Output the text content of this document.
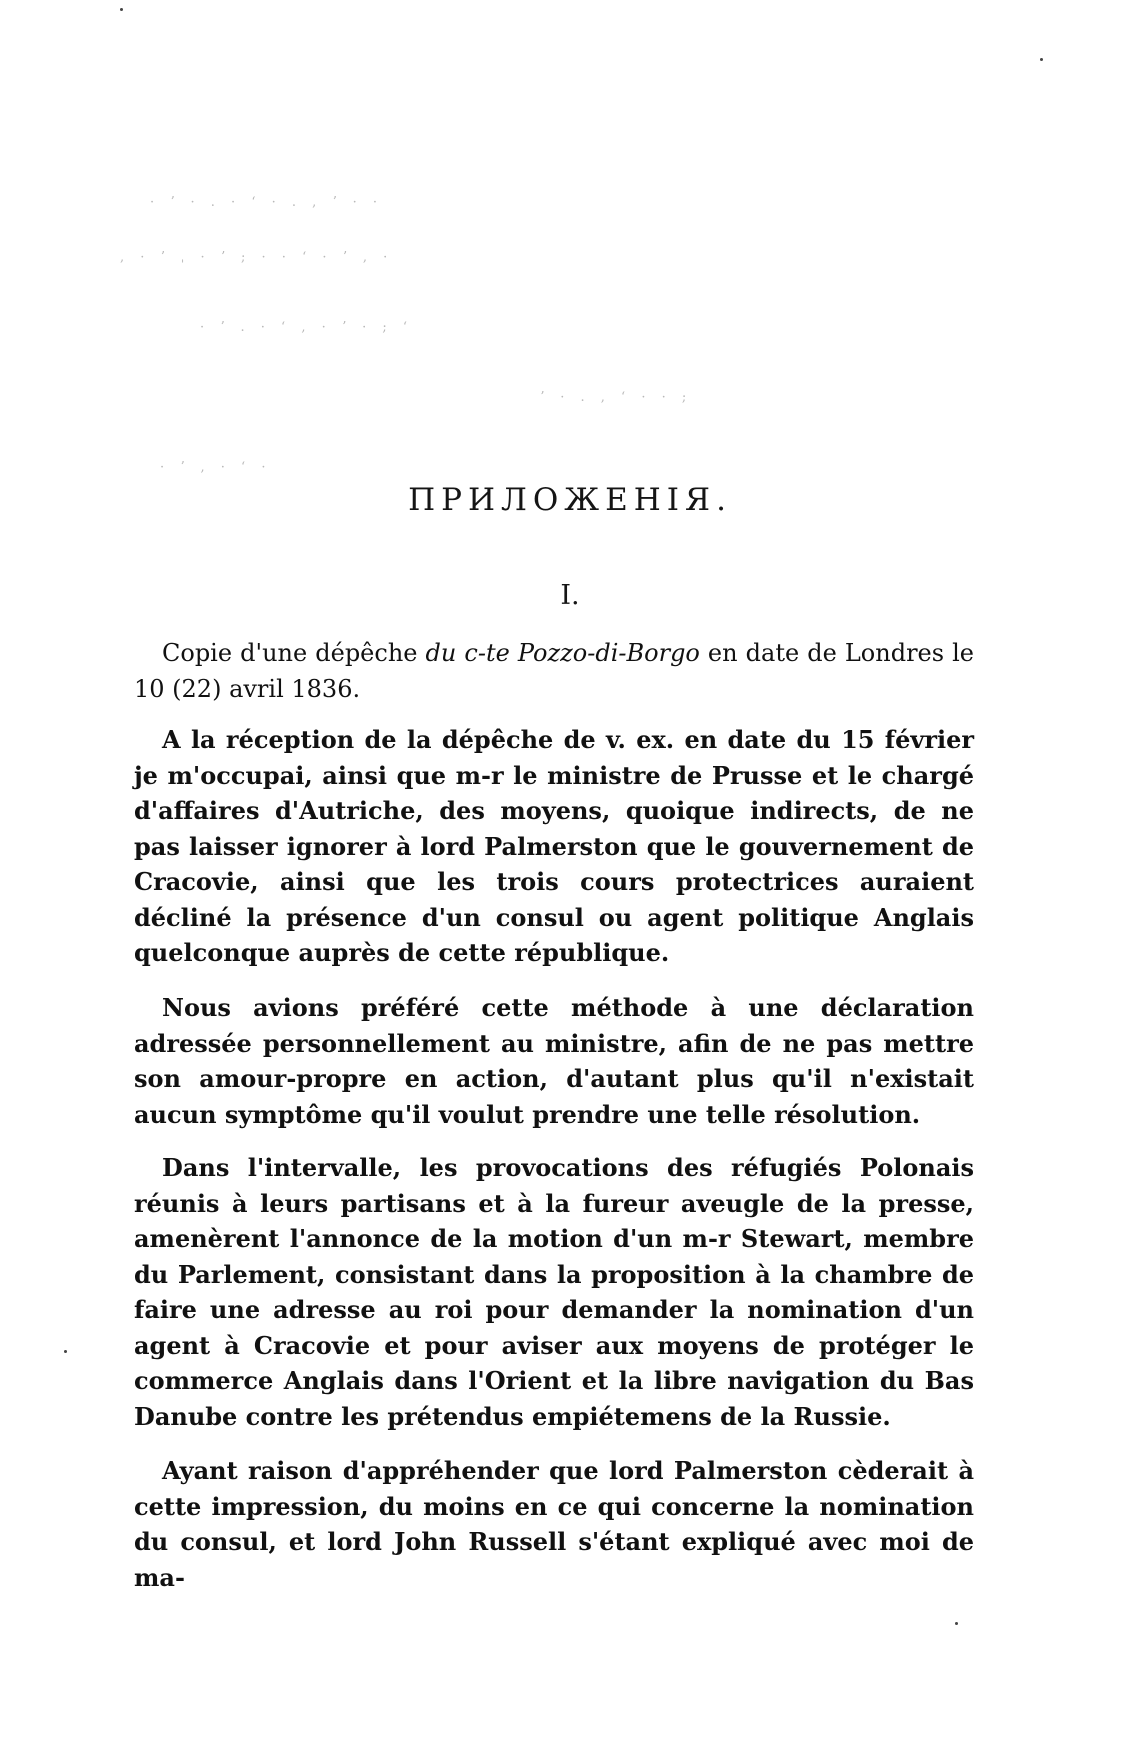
· ʼ · . · ʻ · . , ʼ · ·
, · ʼ ˌ · ʼ ; · · ʻ · ʼ , ·
· ʼ . · ʻ , · ʼ · ; ʻ
ʼ · . , ʻ · · ;
· ʼ , · ʻ ·
ПРИЛОЖЕНІЯ.
I.

Copie d'une dépêche du c-te Pozzo-di-Borgo en date de Londres le 10 (22) avril 1836.

A la réception de la dépêche de v. ex. en date du 15 février je m'occupai, ainsi que m-r le ministre de Prusse et le chargé d'affaires d'Autriche, des moyens, quoique indirects, de ne pas laisser ignorer à lord Palmerston que le gouvernement de Cracovie, ainsi que les trois cours protectrices auraient décliné la présence d'un consul ou agent politique Anglais quelconque auprès de cette république.

Nous avions préféré cette méthode à une déclaration adressée personnellement au ministre, afin de ne pas mettre son amour-propre en action, d'autant plus qu'il n'existait aucun symptôme qu'il voulut prendre une telle résolution.

Dans l'intervalle, les provocations des réfugiés Polonais réunis à leurs partisans et à la fureur aveugle de la presse, amenèrent l'annonce de la motion d'un m-r Stewart, membre du Parlement, consistant dans la proposition à la chambre de faire une adresse au roi pour demander la nomination d'un agent à Cracovie et pour aviser aux moyens de protéger le commerce Anglais dans l'Orient et la libre navigation du Bas Danube contre les prétendus empiétemens de la Russie.

Ayant raison d'appréhender que lord Palmerston cèderait à cette impression, du moins en ce qui concerne la nomination du consul, et lord John Russell s'étant expliqué avec moi de ma-
